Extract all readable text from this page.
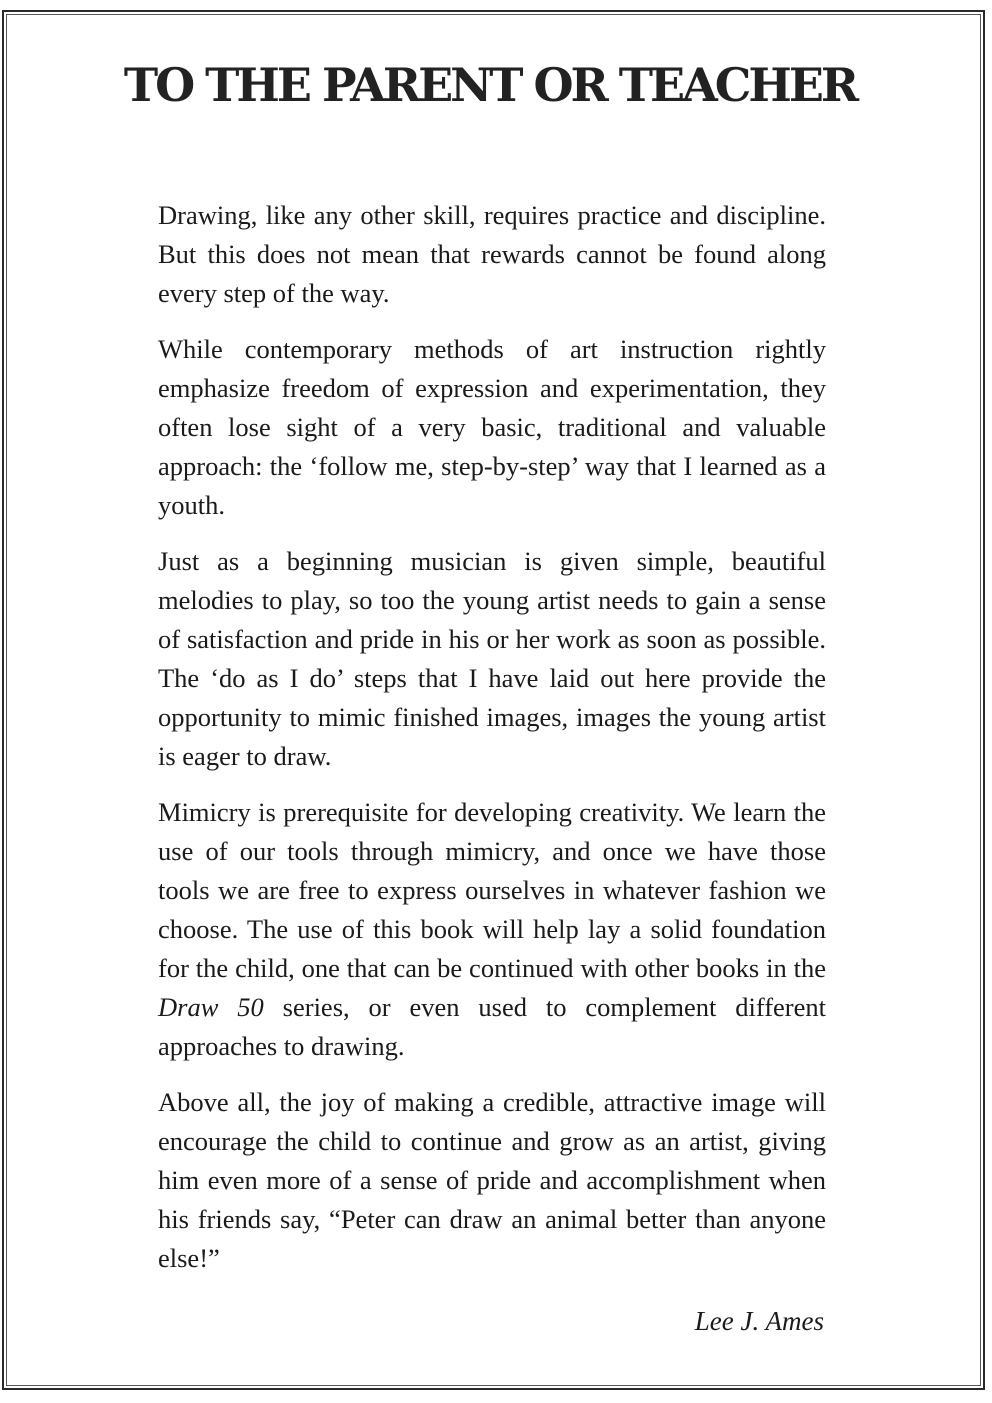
TO THE PARENT OR TEACHER

Drawing, like any other skill, requires practice and discipline. But this does not mean that rewards cannot be found along every step of the way.

While contemporary methods of art instruction rightly emphasize freedom of expression and experimentation, they often lose sight of a very basic, traditional and valuable approach: the ‘follow me, step-by-step’ way that I learned as a youth.

Just as a beginning musician is given simple, beautiful melodies to play, so too the young artist needs to gain a sense of satisfaction and pride in his or her work as soon as possible. The ‘do as I do’ steps that I have laid out here provide the opportunity to mimic finished images, images the young artist is eager to draw.

Mimicry is prerequisite for developing creativity. We learn the use of our tools through mimicry, and once we have those tools we are free to express ourselves in whatever fashion we choose. The use of this book will help lay a solid foundation for the child, one that can be continued with other books in the Draw 50 series, or even used to complement different approaches to drawing.

Above all, the joy of making a credible, attractive image will encourage the child to continue and grow as an artist, giving him even more of a sense of pride and accomplishment when his friends say, “Peter can draw an animal better than anyone else!”

Lee J. Ames
